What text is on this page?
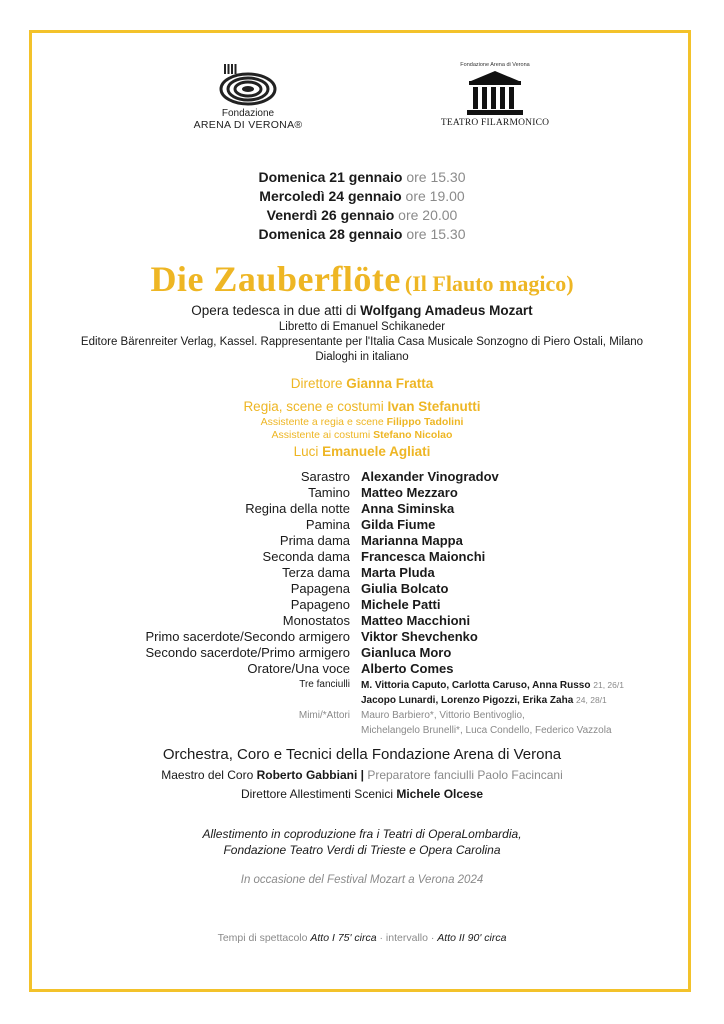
Fondazione
ARENA DI VERONA®
Fondazione Arena di Verona
TEATRO FILARMONICO
Domenica 21 gennaio ore 15.30
Mercoledì 24 gennaio ore 19.00
Venerdì 26 gennaio ore 20.00
Domenica 28 gennaio ore 15.30
Die Zauberflöte (Il Flauto magico)
Opera tedesca in due atti di Wolfgang Amadeus Mozart
Libretto di Emanuel Schikaneder
Editore Bärenreiter Verlag, Kassel. Rappresentante per l'Italia Casa Musicale Sonzogno di Piero Ostali, Milano
Dialoghi in italiano
Direttore Gianna Fratta
Regia, scene e costumi Ivan Stefanutti
Assistente a regia e scene Filippo Tadolini
Assistente ai costumi Stefano Nicolao
Luci Emanuele Agliati
Sarastro Alexander Vinogradov
Tamino Matteo Mezzaro
Regina della notte Anna Siminska
Pamina Gilda Fiume
Prima dama Marianna Mappa
Seconda dama Francesca Maionchi
Terza dama Marta Pluda
Papagena Giulia Bolcato
Papageno Michele Patti
Monostatos Matteo Macchioni
Primo sacerdote/Secondo armigero Viktor Shevchenko
Secondo sacerdote/Primo armigero Gianluca Moro
Oratore/Una voce Alberto Comes
Tre fanciulli M. Vittoria Caputo, Carlotta Caruso, Anna Russo 21, 26/1
Jacopo Lunardi, Lorenzo Pigozzi, Erika Zaha 24, 28/1
Mimi/*Attori Mauro Barbiero*, Vittorio Bentivoglio,
Michelangelo Brunelli*, Luca Condello, Federico Vazzola
Orchestra, Coro e Tecnici della Fondazione Arena di Verona
Maestro del Coro Roberto Gabbiani | Preparatore fanciulli Paolo Facincani
Direttore Allestimenti Scenici Michele Olcese
Allestimento in coproduzione fra i Teatri di OperaLombardia,
Fondazione Teatro Verdi di Trieste e Opera Carolina
In occasione del Festival Mozart a Verona 2024
Tempi di spettacolo Atto I 75' circa · intervallo · Atto II 90' circa
